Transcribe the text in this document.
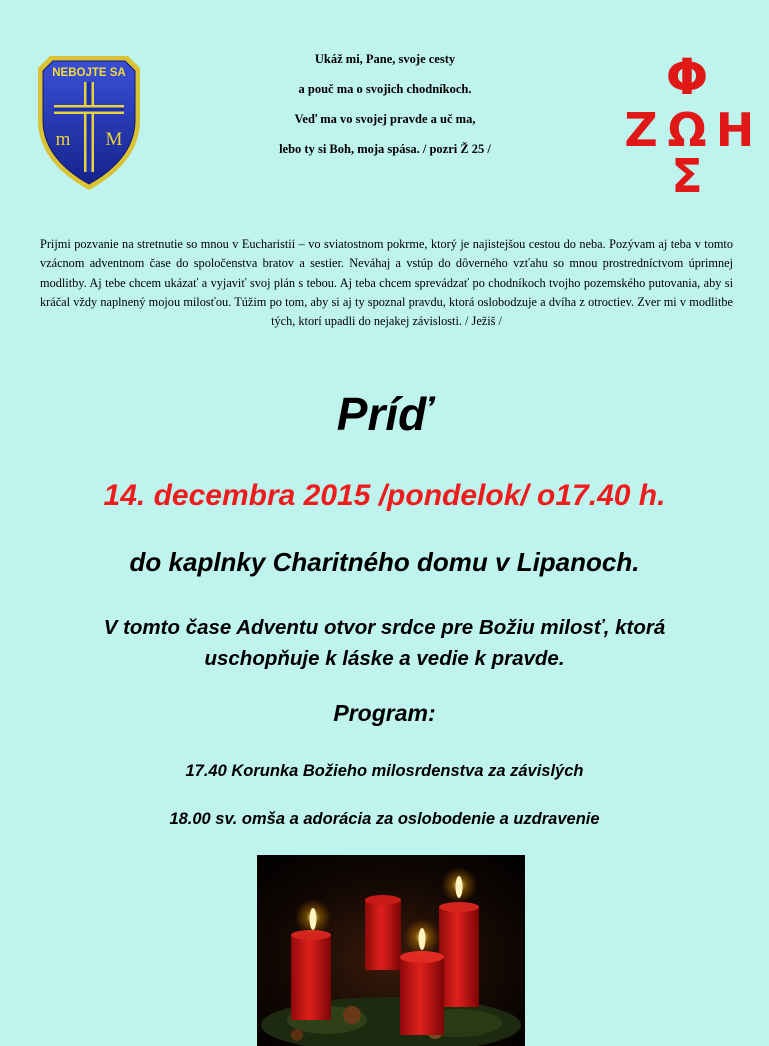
NEBOJTE SA
m M
Φ
Ζ Ω Η
Σ
Ukáž mi, Pane, svoje cesty
a pouč ma o svojich chodníkoch.
Veď ma vo svojej pravde a uč ma,
lebo ty si Boh, moja spása. / pozri Ž 25 /
Prijmi pozvanie na stretnutie so mnou v Eucharistii – vo sviatostnom pokrme, ktorý je najistejšou cestou do neba. Pozývam aj teba v tomto vzácnom adventnom čase do spoločenstva bratov a sestier. Neváhaj a vstúp do dôverného vzťahu so mnou prostredníctvom úprimnej modlitby. Aj tebe chcem ukázať a vyjaviť svoj plán s tebou. Aj teba chcem sprevádzať po chodníkoch tvojho pozemského putovania, aby si kráčal vždy naplnený mojou milosťou. Túžim po tom, aby si aj ty spoznal pravdu, ktorá oslobodzuje a dvíha z otroctiev. Zver mi v modlitbe tých, ktorí upadli do nejakej závislosti. / Ježiš /
Príď
14. decembra 2015 /pondelok/ o17.40 h.
do kaplnky Charitného domu v Lipanoch.
V tomto čase Adventu otvor srdce pre Božiu milosť, ktorá
uschopňuje k láske a vedie k pravde.
Program:
17.40 Korunka Božieho milosrdenstva za závislých
18.00 sv. omša a adorácia za oslobodenie a uzdravenie
